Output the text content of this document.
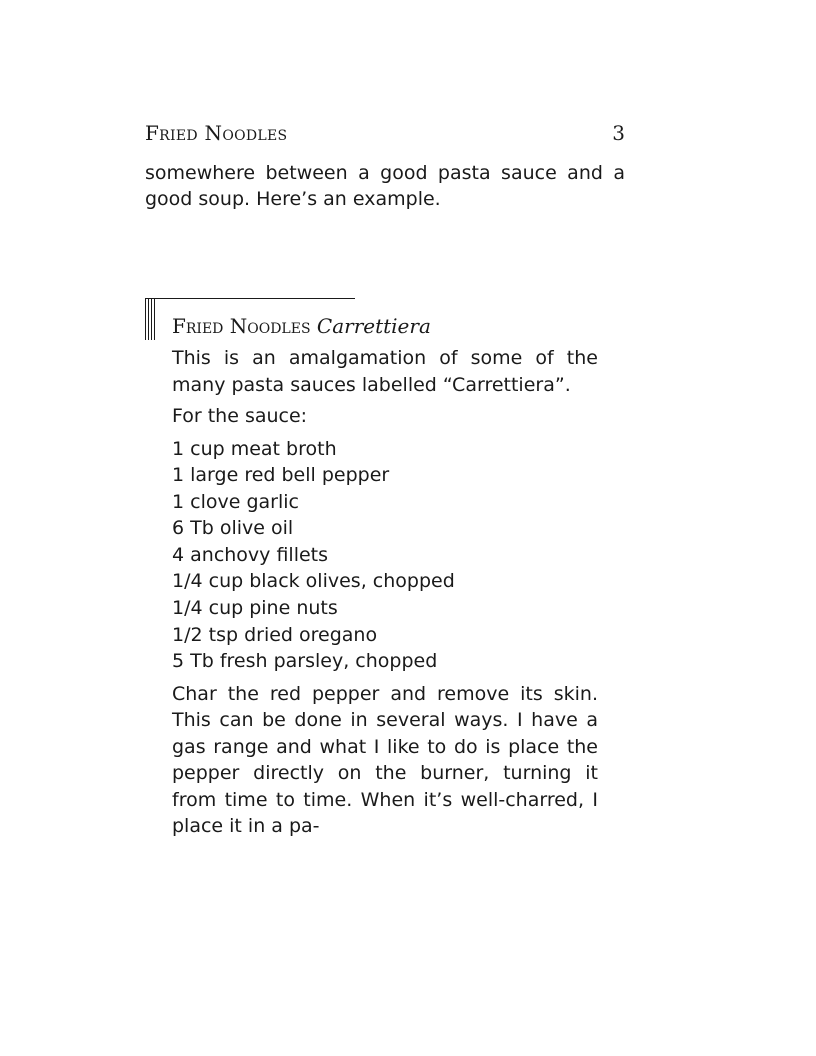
Fried Noodles	3

somewhere between a good pasta sauce and a good soup. Here’s an example.

Fried Noodles Carrettiera

This is an amalgamation of some of the many pasta sauces labelled “Carrettiera”.

For the sauce:

1 cup meat broth
1 large red bell pepper
1 clove garlic
6 Tb olive oil
4 anchovy fillets
1/4 cup black olives, chopped
1/4 cup pine nuts
1/2 tsp dried oregano
5 Tb fresh parsley, chopped

Char the red pepper and remove its skin. This can be done in several ways. I have a gas range and what I like to do is place the pepper directly on the burner, turning it from time to time. When it’s well-charred, I place it in a pa-
